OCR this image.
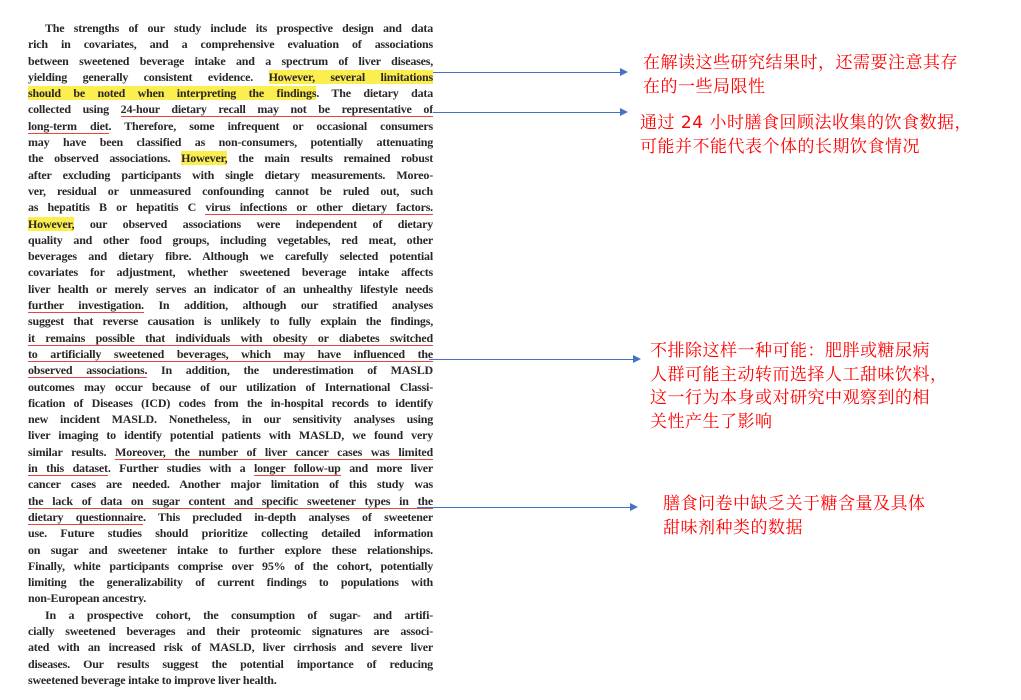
The strengths of our study include its prospective design and data
rich in covariates, and a comprehensive evaluation of associations
between sweetened beverage intake and a spectrum of liver diseases,
yielding generally consistent evidence. However, several limitations
should be noted when interpreting the findings. The dietary data
collected using 24-hour dietary recall may not be representative of
long-term diet. Therefore, some infrequent or occasional consumers
may have been classified as non-consumers, potentially attenuating
the observed associations. However, the main results remained robust
after excluding participants with single dietary measurements. Moreo-
ver, residual or unmeasured confounding cannot be ruled out, such
as hepatitis B or hepatitis C virus infections or other dietary factors.
However, our observed associations were independent of dietary
quality and other food groups, including vegetables, red meat, other
beverages and dietary fibre. Although we carefully selected potential
covariates for adjustment, whether sweetened beverage intake affects
liver health or merely serves an indicator of an unhealthy lifestyle needs
further investigation. In addition, although our stratified analyses
suggest that reverse causation is unlikely to fully explain the findings,
it remains possible that individuals with obesity or diabetes switched
to artificially sweetened beverages, which may have influenced the
observed associations. In addition, the underestimation of MASLD
outcomes may occur because of our utilization of International Classi-
fication of Diseases (ICD) codes from the in-hospital records to identify
new incident MASLD. Nonetheless, in our sensitivity analyses using
liver imaging to identify potential patients with MASLD, we found very
similar results. Moreover, the number of liver cancer cases was limited
in this dataset. Further studies with a longer follow-up and more liver
cancer cases are needed. Another major limitation of this study was
the lack of data on sugar content and specific sweetener types in the
dietary questionnaire. This precluded in-depth analyses of sweetener
use. Future studies should prioritize collecting detailed information
on sugar and sweetener intake to further explore these relationships.
Finally, white participants comprise over 95% of the cohort, potentially
limiting the generalizability of current findings to populations with
non-European ancestry.
In a prospective cohort, the consumption of sugar- and artifi-
cially sweetened beverages and their proteomic signatures are associ-
ated with an increased risk of MASLD, liver cirrhosis and severe liver
diseases. Our results suggest the potential importance of reducing
sweetened beverage intake to improve liver health.
在解读这些研究结果时，还需要注意其存
在的一些局限性
通过 24 小时膳食回顾法收集的饮食数据，
可能并不能代表个体的长期饮食情况
不排除这样一种可能：肥胖或糖尿病
人群可能主动转而选择人工甜味饮料，
这一行为本身或对研究中观察到的相
关性产生了影响
膳食问卷中缺乏关于糖含量及具体
甜味剂种类的数据
